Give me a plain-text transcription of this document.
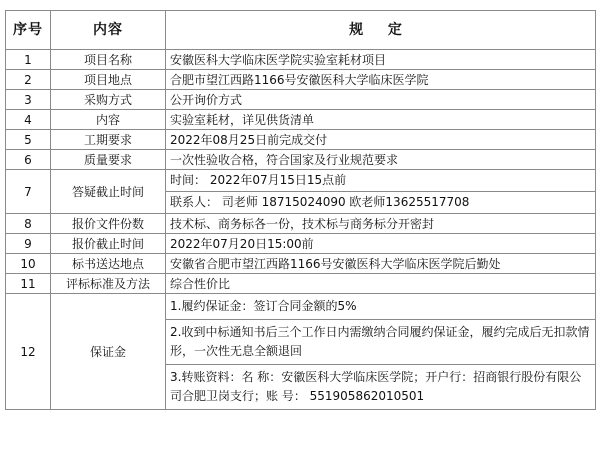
序号	内容	规 定
1	项目名称	安徽医科大学临床医学院实验室耗材项目
2	项目地点	合肥市望江西路1166号安徽医科大学临床医学院
3	采购方式	公开询价方式
4	内容	实验室耗材，详见供货清单
5	工期要求	2022年08月25日前完成交付
6	质量要求	一次性验收合格，符合国家及行业规范要求
7	答疑截止时间	时间： 2022年07月15日15点前
联系人： 司老师 18715024090 欧老师13625517708

8	报价文件份数	技术标、商务标各一份，技术标与商务标分开密封
9	报价截止时间	2022年07月20日15:00前
10	标书送达地点	安徽省合肥市望江西路1166号安徽医科大学临床医学院后勤处
11	评标标准及方法	综合性价比
12	保证金	1.履约保证金：签订合同金额的5%
2.收到中标通知书后三个工作日内需缴纳合同履约保证金，履约完成后无扣款情形，一次性无息全额退回
3.转账资料：名 称：安徽医科大学临床医学院；开户行：招商银行股份有限公司合肥卫岗支行；账 号： 551905862010501
